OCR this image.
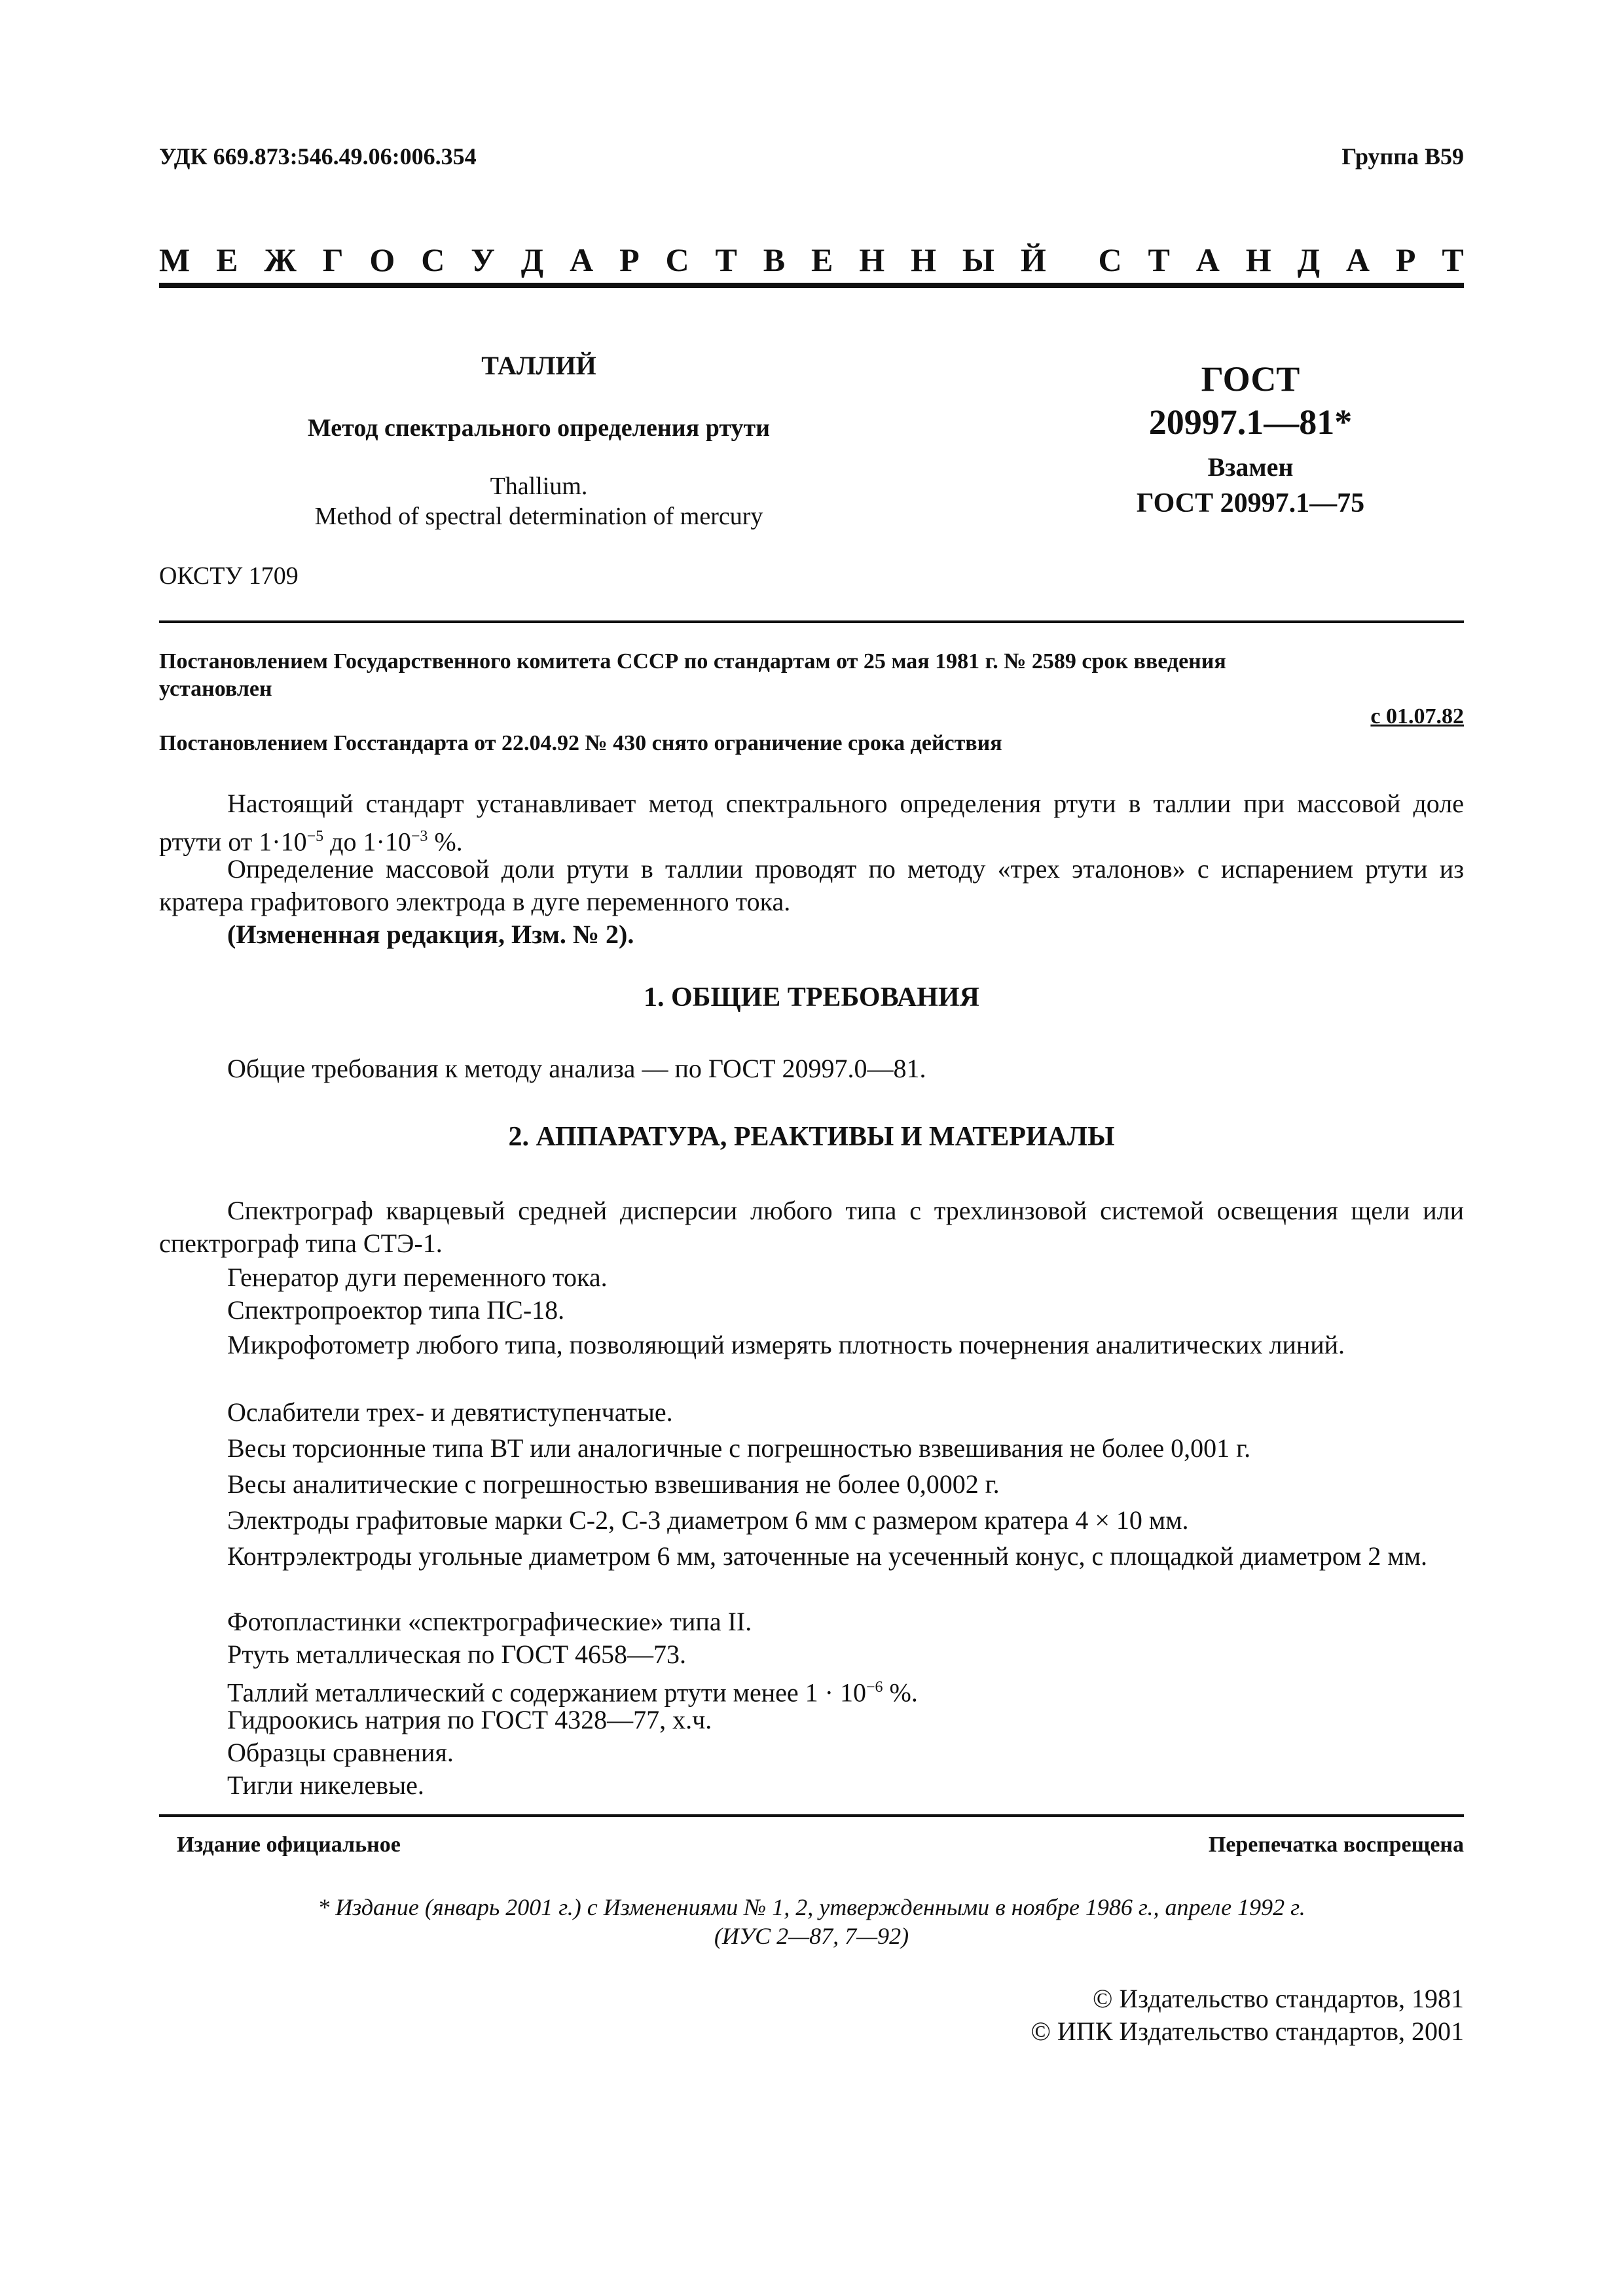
УДК 669.873:546.49.06:006.354	Группа В59
М Е Ж Г О С У Д А Р С Т В Е Н Н Ы Й С Т А Н Д А Р Т
ТАЛЛИЙ
Метод спектрального определения ртути
Thallium.
Method of spectral determination of mercury
ГОСТ
20997.1—81*
Взамен
ГОСТ 20997.1—75
ОКСТУ 1709
Постановлением Государственного комитета СССР по стандартам от 25 мая 1981 г. № 2589 срок введения
установлен
с 01.07.82
Постановлением Госстандарта от 22.04.92 № 430 снято ограничение срока действия
Настоящий стандарт устанавливает метод спектрального определения ртути в таллии при массовой доле ртути от $1\cdot 10^{-5}$ до $1\cdot 10^{-3}$ %.
Определение массовой доли ртути в таллии проводят по методу «трех эталонов» с испарением ртути из кратера графитового электрода в дуге переменного тока.
(Измененная редакция, Изм. № 2).
1. ОБЩИЕ ТРЕБОВАНИЯ
Общие требования к методу анализа — по ГОСТ 20997.0—81.
2. АППАРАТУРА, РЕАКТИВЫ И МАТЕРИАЛЫ
Спектрограф кварцевый средней дисперсии любого типа с трехлинзовой системой освещения щели или спектрограф типа СТЭ-1.
Генератор дуги переменного тока.
Спектропроектор типа ПС-18.
Микрофотометр любого типа, позволяющий измерять плотность почернения аналитических линий.
Ослабители трех- и девятиступенчатые.
Весы торсионные типа ВТ или аналогичные с погрешностью взвешивания не более 0,001 г.
Весы аналитические с погрешностью взвешивания не более 0,0002 г.
Электроды графитовые марки С-2, С-3 диаметром 6 мм с размером кратера 4 × 10 мм.
Контрэлектроды угольные диаметром 6 мм, заточенные на усеченный конус, с площадкой диаметром 2 мм.
Фотопластинки «спектрографические» типа II.
Ртуть металлическая по ГОСТ 4658—73.
Таллий металлический с содержанием ртути менее $1 \cdot 10^{-6}$ %.
Гидроокись натрия по ГОСТ 4328—77, х.ч.
Образцы сравнения.
Тигли никелевые.
Издание официальное	Перепечатка воспрещена
* Издание (январь 2001 г.) с Изменениями № 1, 2, утвержденными в ноябре 1986 г., апреле 1992 г.
(ИУС 2—87, 7—92)
© Издательство стандартов, 1981
© ИПК Издательство стандартов, 2001
